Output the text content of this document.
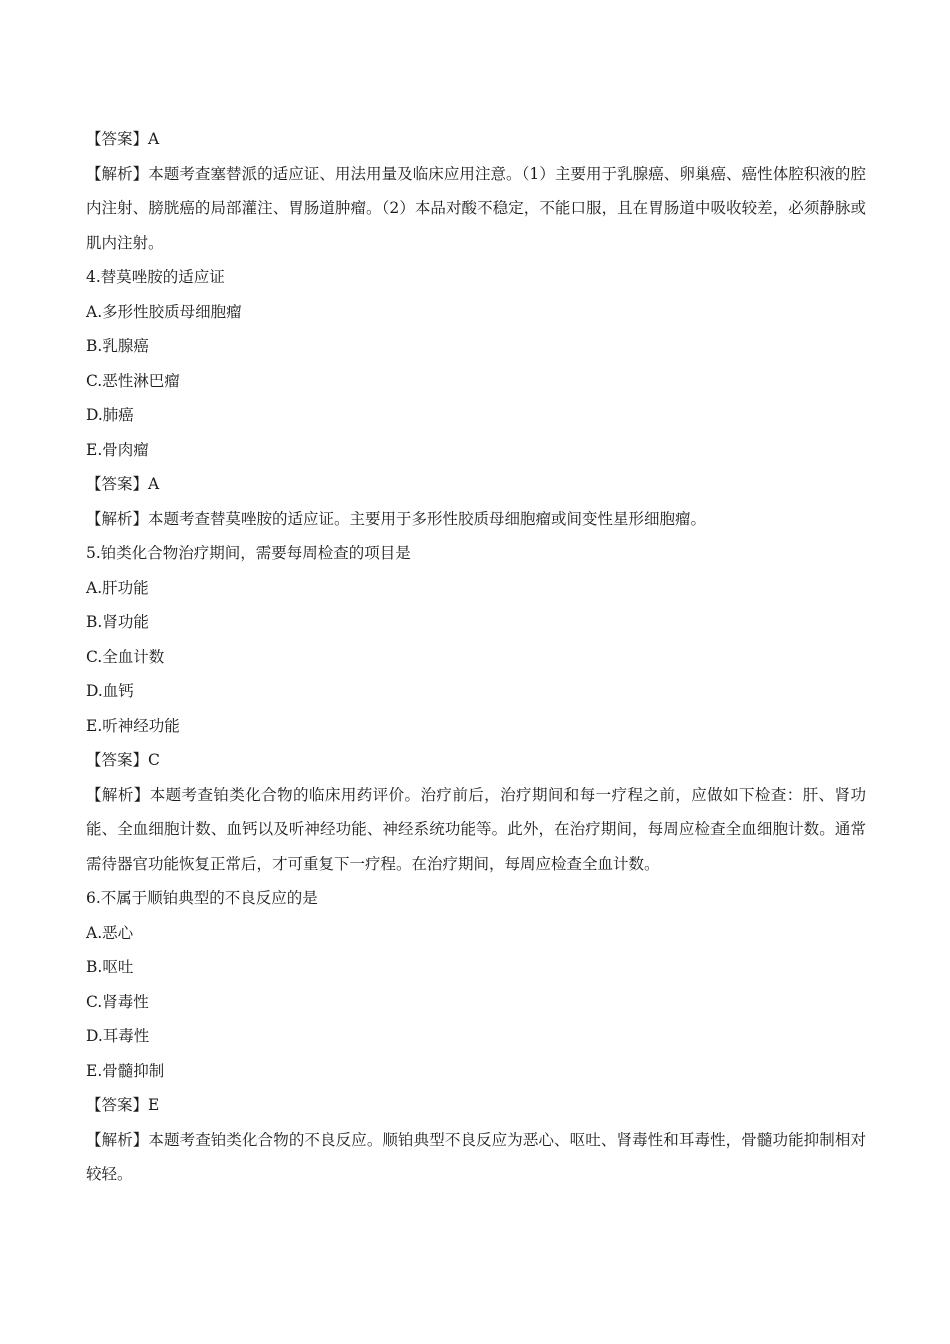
【答案】A

【解析】本题考查塞替派的适应证、用法用量及临床应用注意。（1）主要用于乳腺癌、卵巢癌、癌性体腔积液的腔内注射、膀胱癌的局部灌注、胃肠道肿瘤。（2）本品对酸不稳定，不能口服，且在胃肠道中吸收较差，必须静脉或肌内注射。

4.替莫唑胺的适应证

A.多形性胶质母细胞瘤

B.乳腺癌

C.恶性淋巴瘤

D.肺癌

E.骨肉瘤

【答案】A

【解析】本题考查替莫唑胺的适应证。主要用于多形性胶质母细胞瘤或间变性星形细胞瘤。

5.铂类化合物治疗期间，需要每周检查的项目是

A.肝功能

B.肾功能

C.全血计数

D.血钙

E.听神经功能

【答案】C

【解析】本题考查铂类化合物的临床用药评价。治疗前后，治疗期间和每一疗程之前，应做如下检查：肝、肾功能、全血细胞计数、血钙以及听神经功能、神经系统功能等。此外，在治疗期间，每周应检查全血细胞计数。通常需待器官功能恢复正常后，才可重复下一疗程。在治疗期间，每周应检查全血计数。

6.不属于顺铂典型的不良反应的是

A.恶心

B.呕吐

C.肾毒性

D.耳毒性

E.骨髓抑制

【答案】E

【解析】本题考查铂类化合物的不良反应。顺铂典型不良反应为恶心、呕吐、肾毒性和耳毒性，骨髓功能抑制相对较轻。
